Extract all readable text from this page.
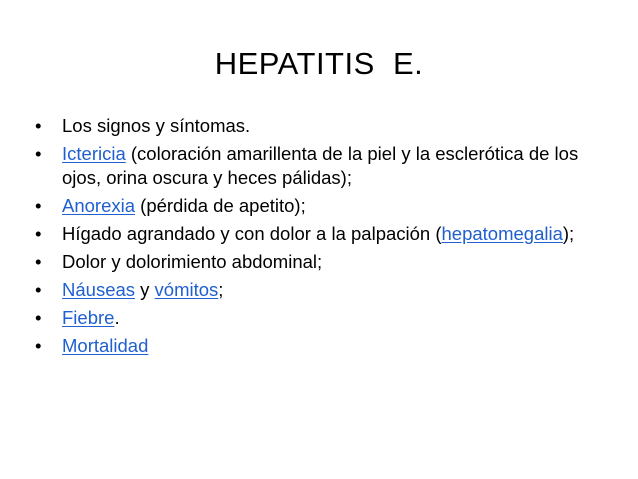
HEPATITIS  E.
•	Los signos y síntomas.
•	Ictericia (coloración amarillenta de la piel y la esclerótica de los ojos, orina oscura y heces pálidas);
•	Anorexia (pérdida de apetito);
•	Hígado agrandado y con dolor a la palpación (hepatomegalia);
•	Dolor y dolorimiento abdominal;
•	Náuseas y vómitos;
•	Fiebre.
•	Mortalidad
